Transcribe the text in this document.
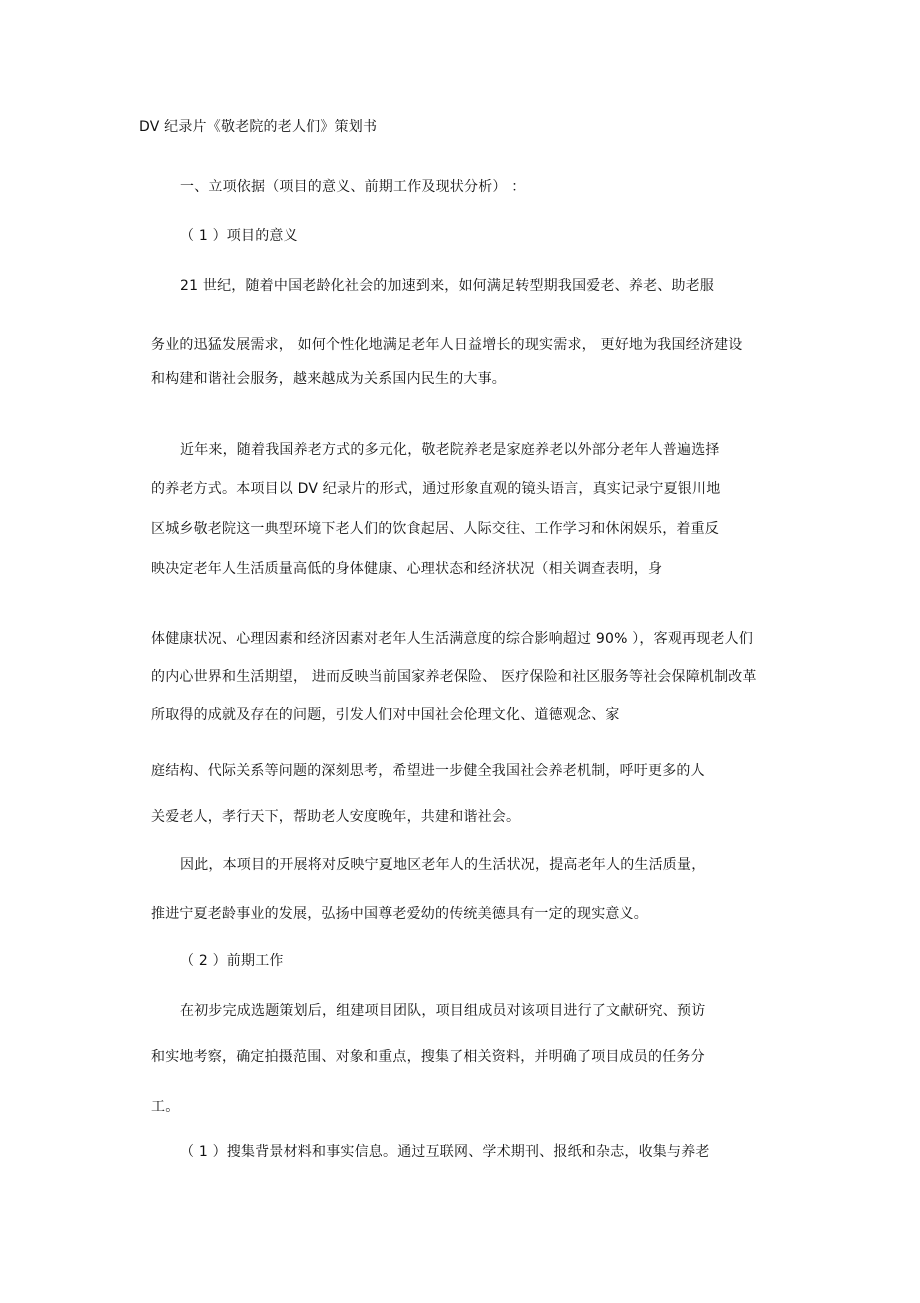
DV 纪录片《敬老院的老人们》策划书
一、立项依据（项目的意义、前期工作及现状分析） ：
（ 1 ）项目的意义
21 世纪，随着中国老龄化社会的加速到来，如何满足转型期我国爱老、养老、助老服
务业的迅猛发展需求， 如何个性化地满足老年人日益增长的现实需求， 更好地为我国经济建设
和构建和谐社会服务，越来越成为关系国内民生的大事。
近年来，随着我国养老方式的多元化，敬老院养老是家庭养老以外部分老年人普遍选择
的养老方式。本项目以 DV 纪录片的形式，通过形象直观的镜头语言，真实记录宁夏银川地
区城乡敬老院这一典型环境下老人们的饮食起居、人际交往、工作学习和休闲娱乐，着重反
映决定老年人生活质量高低的身体健康、心理状态和经济状况（相关调查表明，身
体健康状况、心理因素和经济因素对老年人生活满意度的综合影响超过 90% ），客观再现老人们
的内心世界和生活期望， 进而反映当前国家养老保险、 医疗保险和社区服务等社会保障机制改革
所取得的成就及存在的问题，引发人们对中国社会伦理文化、道德观念、家
庭结构、代际关系等问题的深刻思考，希望进一步健全我国社会养老机制，呼吁更多的人
关爱老人，孝行天下，帮助老人安度晚年，共建和谐社会。
因此，本项目的开展将对反映宁夏地区老年人的生活状况，提高老年人的生活质量，
推进宁夏老龄事业的发展，弘扬中国尊老爱幼的传统美德具有一定的现实意义。
（ 2 ）前期工作
在初步完成选题策划后，组建项目团队，项目组成员对该项目进行了文献研究、预访
和实地考察，确定拍摄范围、对象和重点，搜集了相关资料，并明确了项目成员的任务分
工。
（ 1 ）搜集背景材料和事实信息。通过互联网、学术期刊、报纸和杂志，收集与养老
